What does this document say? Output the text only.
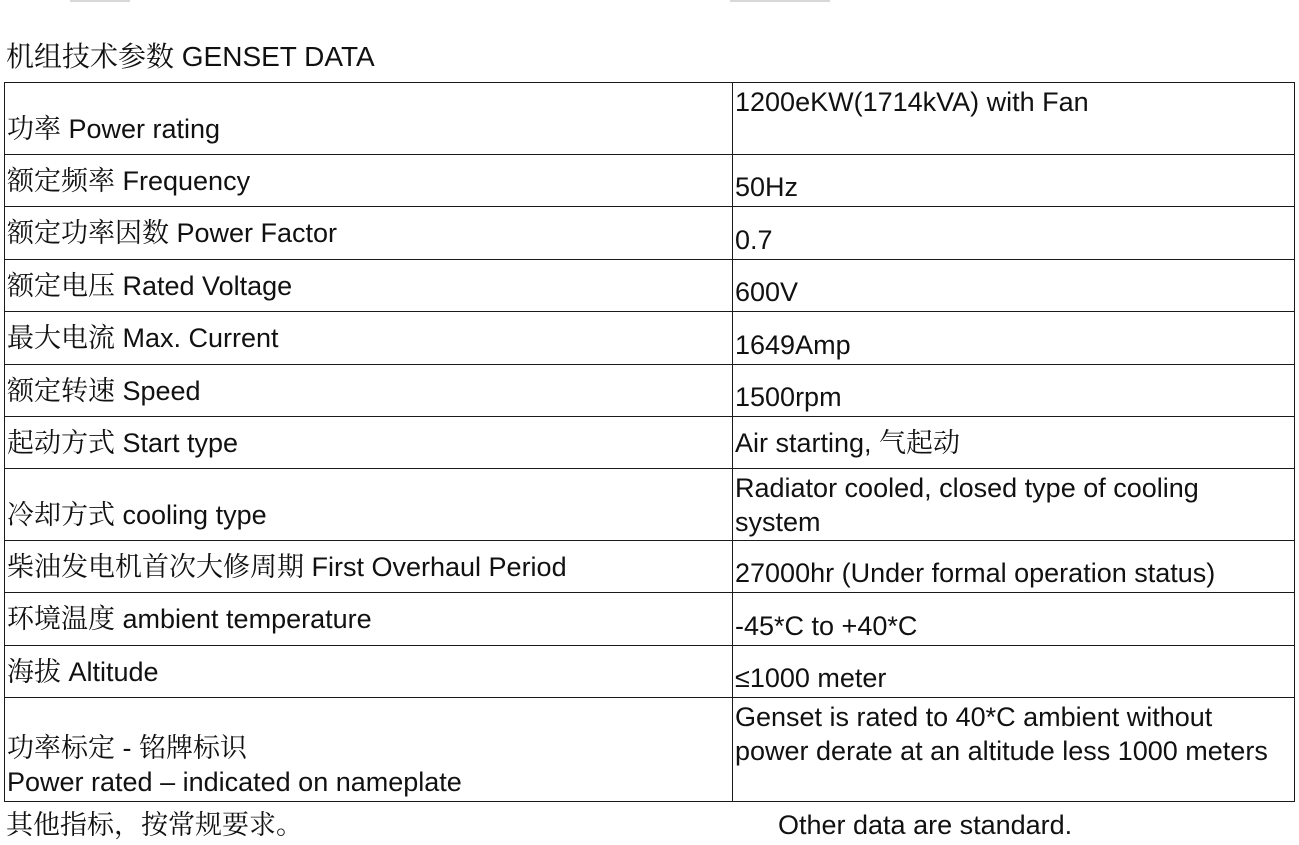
机组技术参数 GENSET DATA
功率 Power rating	1200eKW(1714kVA) with Fan
额定频率 Frequency	50Hz
额定功率因数 Power Factor	0.7
额定电压 Rated Voltage	600V
最大电流 Max. Current	1649Amp
额定转速 Speed	1500rpm
起动方式 Start type	Air starting, 气起动
冷却方式 cooling type	Radiator cooled, closed type of cooling system
柴油发电机首次大修周期 First Overhaul Period	27000hr (Under formal operation status)
环境温度 ambient temperature	-45*C to +40*C
海拔 Altitude	≤1000 meter

功率标定 - 铭牌标识
Power rated – indicated on nameplate	Genset is rated to 40*C ambient without power derate at an altitude less 1000 meters
其他指标，按常规要求。	Other data are standard.
